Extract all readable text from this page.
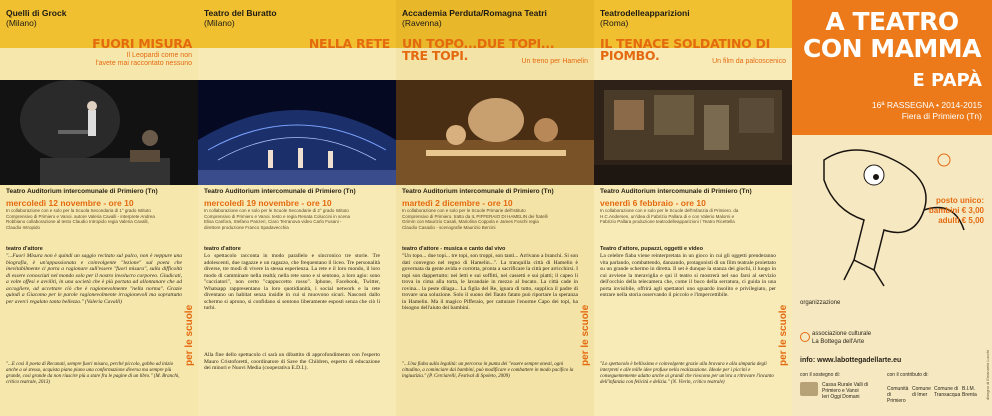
Quelli di Grock
(Milano)
FUORI MISURA
Il Leopardi come non
l'avete mai raccontato nessuno
Teatro Auditorium intercomunale di Primiero (Tn)
mercoledì 12 novembre - ore 10
In collaborazione con e solo per la Scuola Secondaria di 1° grado Istituto Comprensivo di Primiero e Vanoi. autore Valeria Cavalli - interprete Andrea Robbiano collaborazione al testo Claudio Intropido regia Valeria Cavalli, Claudio Intropido
teatro d'attore
"...Fuori Misura non è quindi un saggio recitato sul palco, non è neppure una biografia, è un'appassionata e coinvolgente "lezione" sul poeta che inevitabilmente ci porta a ragionare sull'essere "fuori misura", sulla difficoltà di essere conosciuti nel mondo solo per il nostro involucro corporeo. Giudicati, a volte offesi e avviliti, in una società che è più portata ad allontanare che ad accogliere, ad accettare ciò che è ragionevolmente "nella norma". Grazie quindi a Giacomo per le parole ragionevolmente irragionevoli ma soprattutto per averci regalato tanta bellezza." (Valeria Cavalli)
"...E così il poeta di Recanati, sempre fuori misura, perché piccolo, gobbo ad inizio anche a sé stesso, acquista piano piano una conformazione diversa ma sempre più grande, così grande da non riuscire più a stare fra le pagine di un libro." (M. Branchi, critico teatrale, 2013)
per le scuole
Teatro del Buratto
(Milano)
NELLA RETE
Teatro Auditorium intercomunale di Primiero (Tn)
mercoledì 19 novembre - ore 10
In collaborazione con e solo per le Scuole Secondarie di 2° grado Istituto Comprensivo di Primiero e Vanoi. testo e regia Renata Coluccini in scena Elisa Canfora, Stefano Panzeri, Ciaro Terranova video Carlo Fusani - direttore produzione Franco Spadavecchia
teatro d'attore
Lo spettacolo racconta in modo parallelo e sincronico tre storie. Tre adolescenti, due ragazze e un ragazzo, che frequentano il liceo. Tre personalità diverse, tre modi di vivere la stessa esperienza. La rete e il loro mondo, il loro modo di camminare nella realtà; nella rete sono e si sentono, a loro agio: sono "cacciatori", non certo "cappuccetto rosso". Iphone, Facebook, Twitter, Whatsapp rappresentano la loro quotidianità, i social network e la rete diventano un habitat senza insidie in cui si muovono sicuri. Nascosti dallo schermo si aprono, si confidano si sentono liberamente esposti senza che ciò li turbi.
Alla fine dello spettacolo ci sarà un dibattito di approfondimento con l'esperto Mauro Cristoforetti, coordinatore di Save the Children, esperto di educazione dei minori e Nuovi Media (cooperativa E.D.I.).
Accademia Perduta/Romagna Teatri
(Ravenna)
UN TOPO...DUE TOPI... TRE TOPI.	Un treno per Hamelin
Teatro Auditorium intercomunale di Primiero (Tn)
martedì 2 dicembre - ore 10
In collaborazione con e solo per le Scuole Primarie dell'Istituto Comprensivo di Primiero. tratto da IL PIFFERAIO DI HAMELIN dei fratelli Grimm con Maurizio Casali, Mariolina Coppola e James Foschi regia Claudio Casadio - scenografie Maurizio Bercini
teatro d'attore - musica e canto dal vivo
"Un topo... due topi... tre topi, son troppi, son tanti... Arrivano a branchi. Si son dati convegno nel regno di Hamelin...". La tranquilla città di Hamelin è governata da gente avida e corrotta, pronta a sacrificare la città per arricchirsi. I topi son dappertutto: nei letti e sui soffitti, nei cassetti e sui piatti; il capeo li trova in cima alla torta, le lavandaie in mezzo al bucato. La città cade in rovina... la peste dilaga... La figlia del Re, ignara di tutto, supplica il padre di trovare una soluzione. Solo il suono del flauto fatato può riportare la speranza in Hamelin. Ma il magico Pifferaio, per catturare l'enorme Capo dei topi, ha bisogno dell'aiuto dei bambini.
"...Una fiaba sulla legalità: un percorso in punta dei "essere sempre onesti, ogni cittadino, a cominciare dai bambini, può modificare e combattere in modo pacifico la ingiustizia." (P. Cerciarelli, Festival di Spoleto, 2009)
per le scuole
Teatrodelleapparizioni
(Roma)
IL TENACE SOLDATINO DI PIOMBO.	Un film da palcoscenico
Teatro Auditorium intercomunale di Primiero (Tn)
venerdì 6 febbraio - ore 10
In collaborazione con e solo per le Scuole dell'Infanzia di Primiero. da H.C.Andersen, un'idea di Fabrizio Pallara di e con Valerio Malorni e Fabrizio Pallara produzione teatrodelleapparizioni / Teatro Ricettella
Teatro d'attore, pupazzi, oggetti e video
La celebre fiaba viene reinterpretata in un gioco in cui gli oggetti prenderanno vita parlando, combattendo, danzando, protagonisti di un film teatrale proiettato su un grande schermo in diretta. Il set è dunque la stanza dei giochi, il luogo in cui avviene la meraviglia e qui il teatro si mostrerà nel suo farsi al servizio dell'occhio della telecamera che, come il buco della serratura, ci guida in una porta invisibile, offrirà agli spettatori uno sguardo insolito e privilegiato, per entrare nella storia osservando il piccolo e l'impercettibile.
"Lo spettacolo è bellissimo e coinvolgente grazie alla bravura e alla simpatia degli interpreti e alle mille idee profuse nella realizzazione. Ideale per i piccini e conseguentemente adatto anche ai grandi che riescono per un'ora a ritrovare l'incanto dell'infanzia con felicità e delizia." (N. Vierin, critico teatrale)
per le scuole
A TEATRO
CON MAMMA
E PAPÀ
16ª RASSEGNA • 2014-2015
Fiera di Primiero (Tn)
posto unico:
bambini € 3,00
adulti € 5,00
organizzazione
associazione culturale
La Bottega dell'Arte
info: www.labottegadellarte.eu	disegno di Emanuela Lucchi
con il sostegno di:	con il contributo di:
Cassa Rurale Valli di Primiero e Vanoi
Ieri Oggi Domani
Comunità di Primiero
Comune di Imer
Comune di Transacqua
B.I.M. Brenta
